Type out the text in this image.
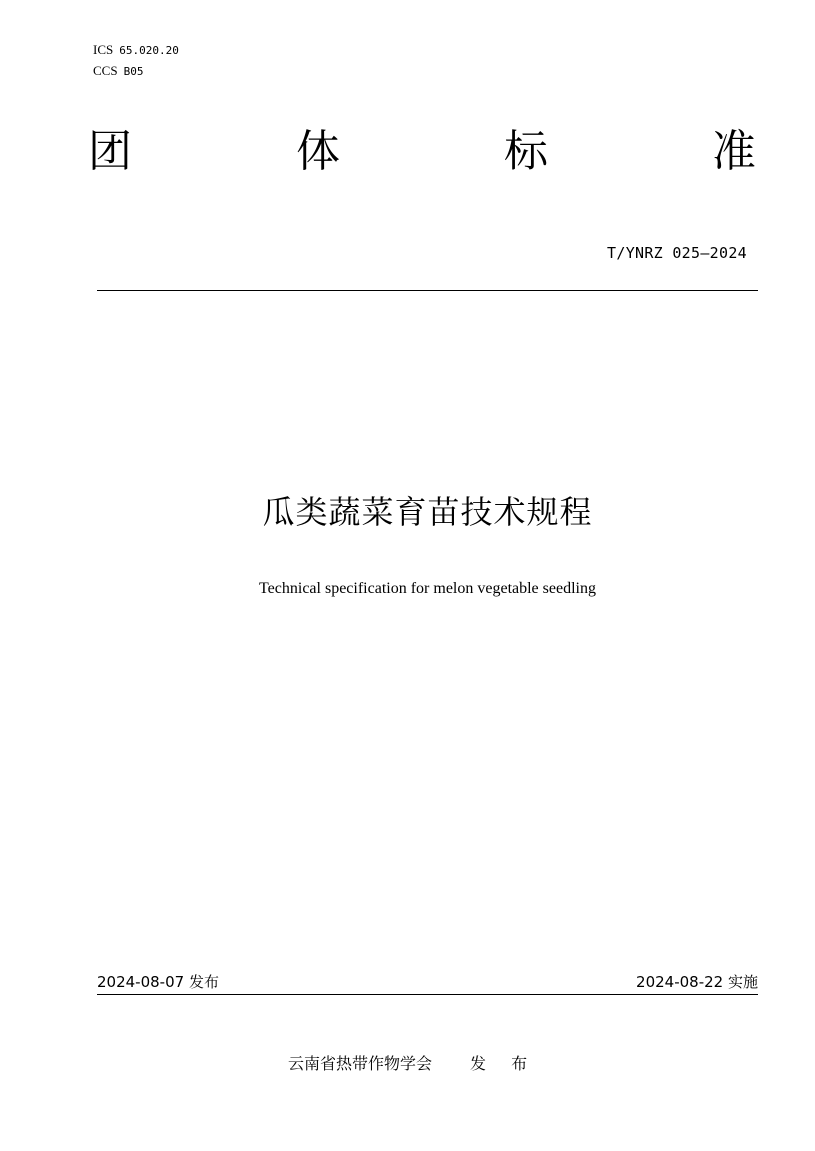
ICS 65.020.20
CCS B05
团	体	标	准
T/YNRZ 025—2024
瓜类蔬菜育苗技术规程
Technical specification for melon vegetable seedling
2024-08-07 发布	2024-08-22 实施
云南省热带作物学会 发 布
